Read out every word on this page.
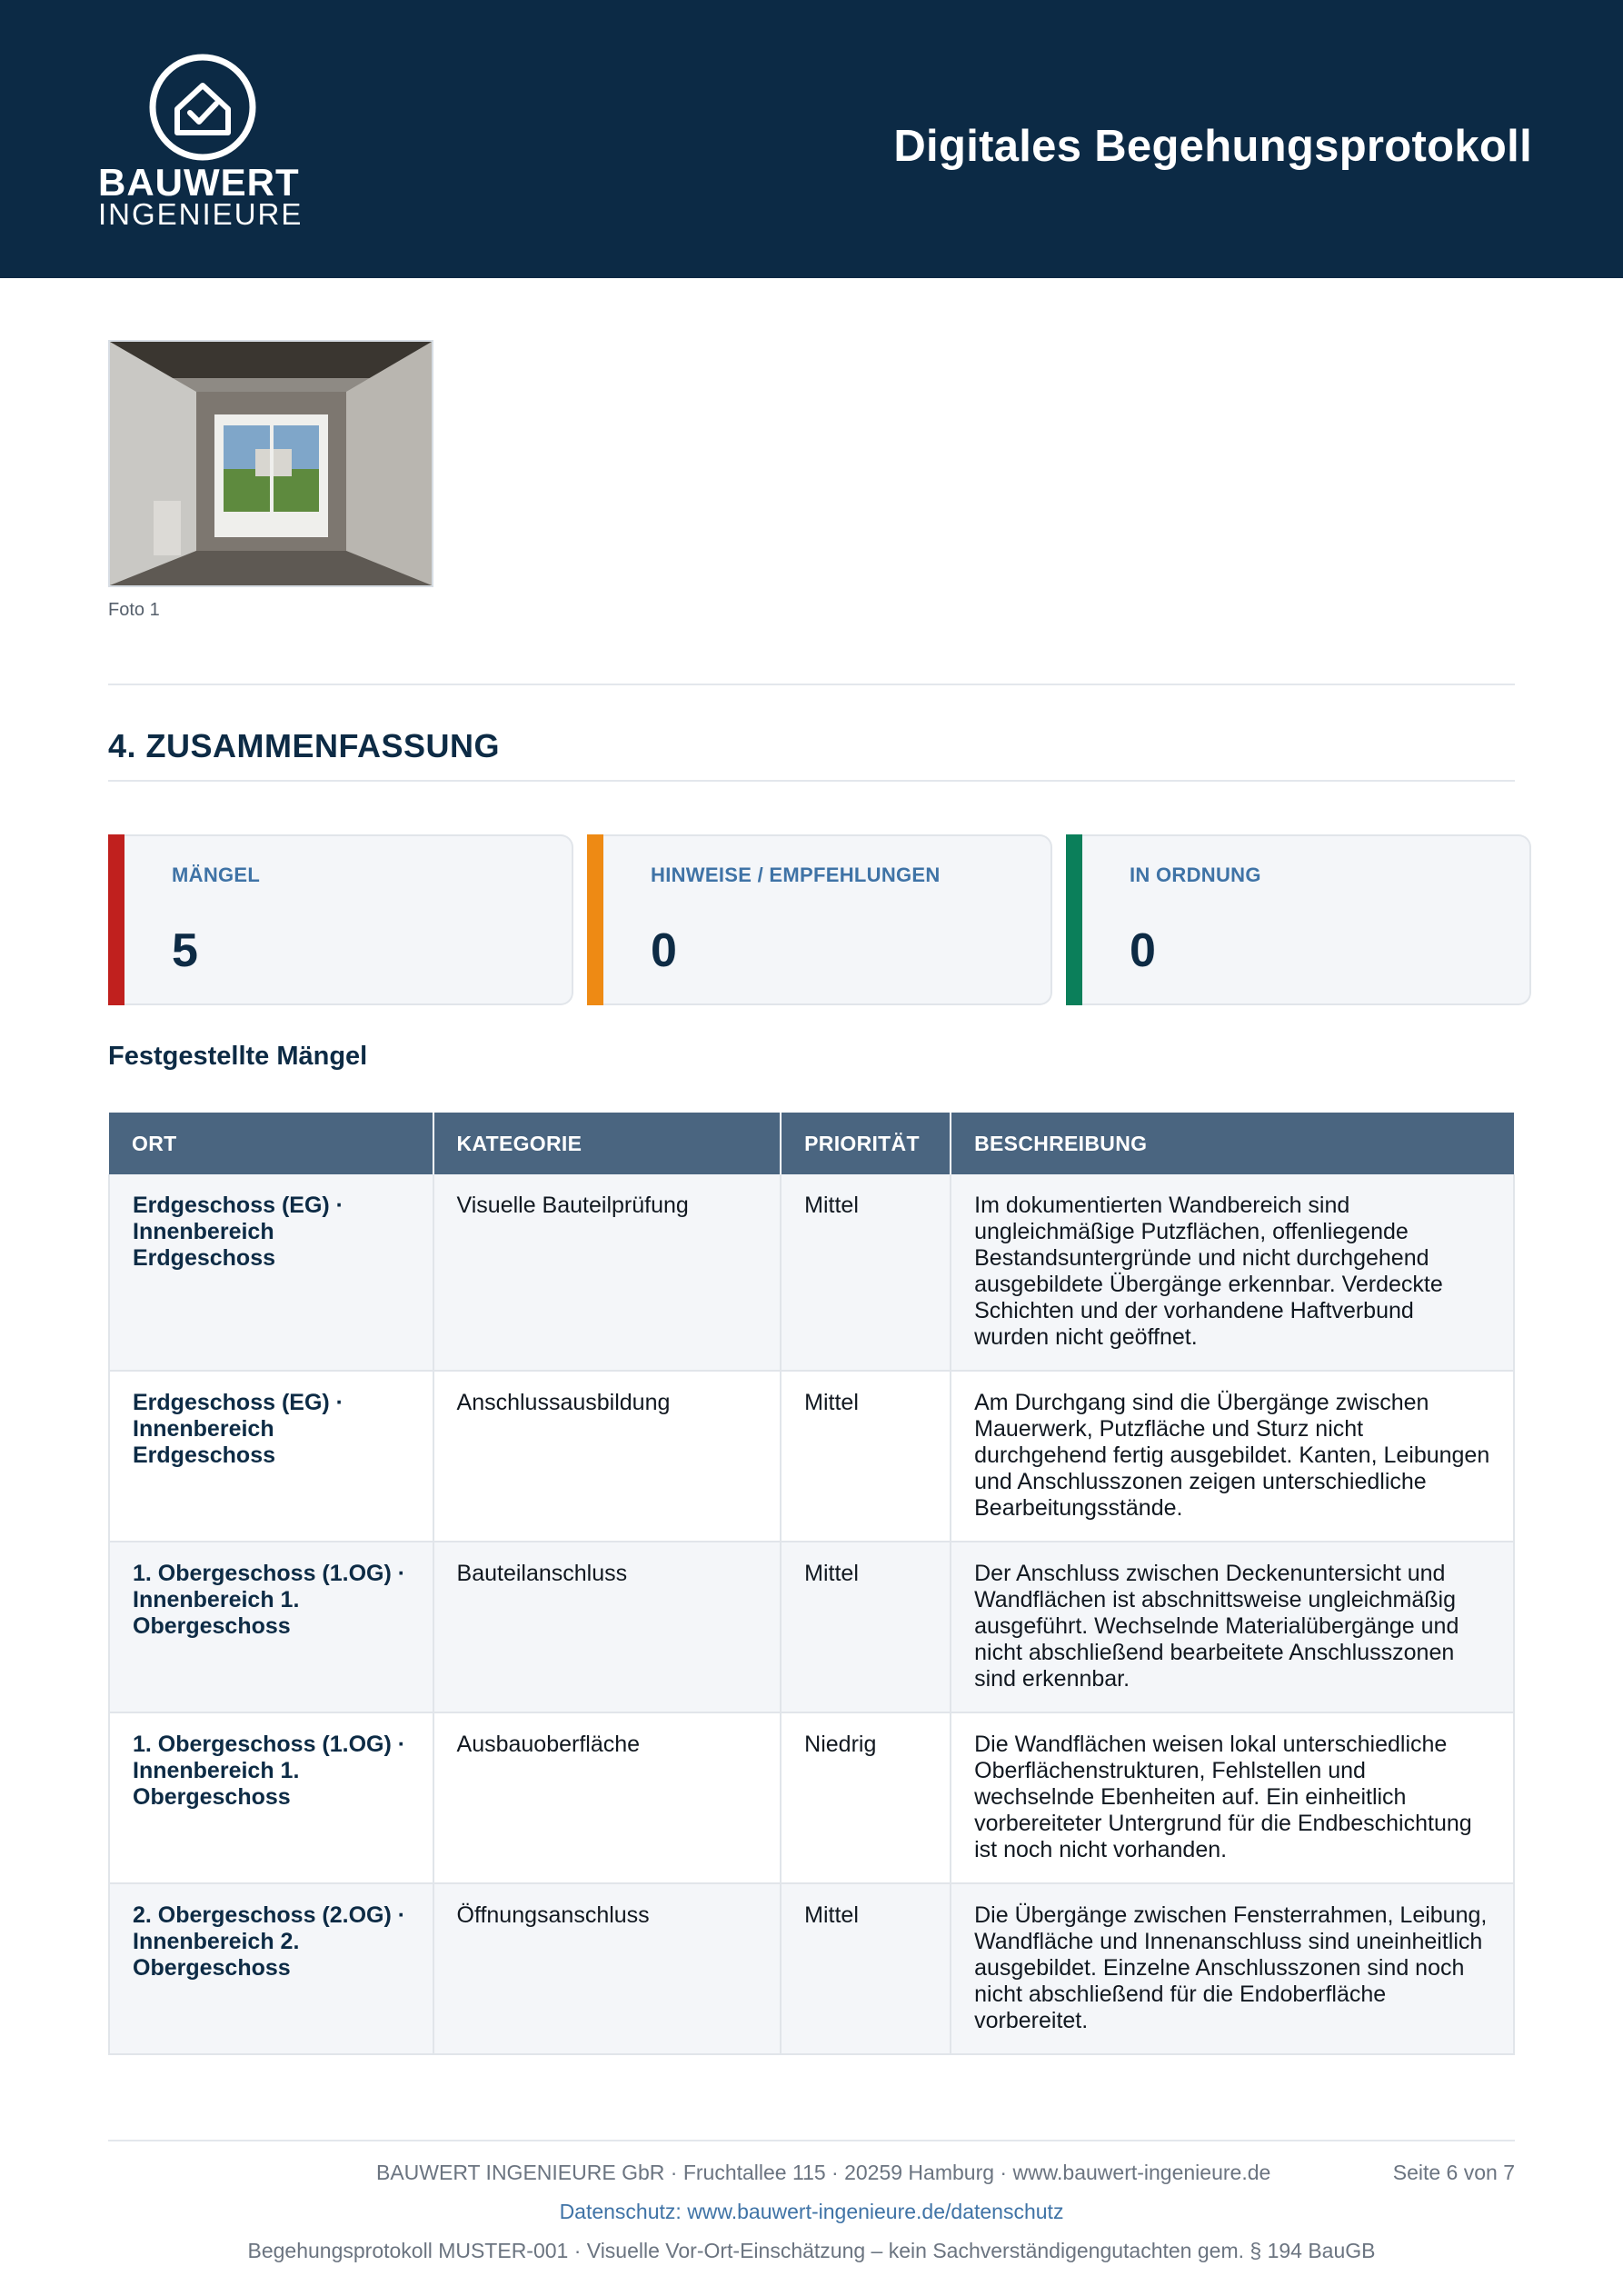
BAUWERT
INGENIEURE
Digitales Begehungsprotokoll
Foto 1
4. ZUSAMMENFASSUNG
MÄNGEL
5
HINWEISE / EMPFEHLUNGEN
0
IN ORDNUNG
0
Festgestellte Mängel
ORT	KATEGORIE	PRIORITÄT	BESCHREIBUNG
Erdgeschoss (EG) · Innenbereich Erdgeschoss	Visuelle Bauteilprüfung	Mittel	Im dokumentierten Wandbereich sind ungleichmäßige Putzflächen, offenliegende Bestandsuntergründe und nicht durchgehend ausgebildete Übergänge erkennbar. Verdeckte Schichten und der vorhandene Haftverbund wurden nicht geöffnet.
Erdgeschoss (EG) · Innenbereich Erdgeschoss	Anschlussausbildung	Mittel	Am Durchgang sind die Übergänge zwischen Mauerwerk, Putzfläche und Sturz nicht durchgehend fertig ausgebildet. Kanten, Leibungen und Anschlusszonen zeigen unterschiedliche Bearbeitungsstände.
1. Obergeschoss (1.OG) · Innenbereich 1. Obergeschoss	Bauteilanschluss	Mittel	Der Anschluss zwischen Deckenuntersicht und Wandflächen ist abschnittsweise ungleichmäßig ausgeführt. Wechselnde Materialübergänge und nicht abschließend bearbeitete Anschlusszonen sind erkennbar.
1. Obergeschoss (1.OG) · Innenbereich 1. Obergeschoss	Ausbauoberfläche	Niedrig	Die Wandflächen weisen lokal unterschiedliche Oberflächenstrukturen, Fehlstellen und wechselnde Ebenheiten auf. Ein einheitlich vorbereiteter Untergrund für die Endbeschichtung ist noch nicht vorhanden.
2. Obergeschoss (2.OG) · Innenbereich 2. Obergeschoss	Öffnungsanschluss	Mittel	Die Übergänge zwischen Fensterrahmen, Leibung, Wandfläche und Innenanschluss sind uneinheitlich ausgebildet. Einzelne Anschlusszonen sind noch nicht abschließend für die Endoberfläche vorbereitet.
BAUWERT INGENIEURE GbR · Fruchtallee 115 · 20259 Hamburg · www.bauwert-ingenieure.de	Seite 6 von 7
Datenschutz: www.bauwert-ingenieure.de/datenschutz
Begehungsprotokoll MUSTER-001 · Visuelle Vor-Ort-Einschätzung – kein Sachverständigengutachten gem. § 194 BauGB
